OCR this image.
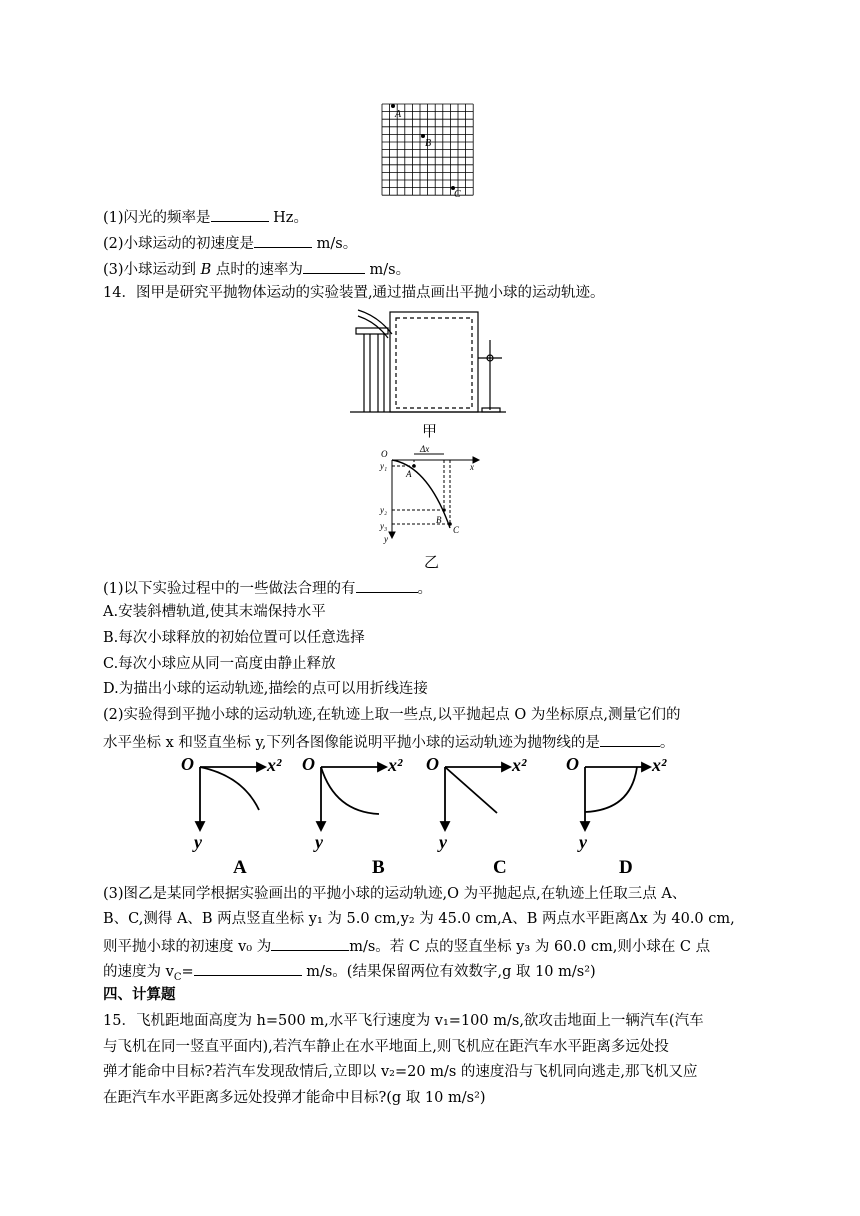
A
B
C
(1)闪光的频率是	Hz。
(2)小球运动的初速度是	m/s。
(3)小球运动到 B 点时的速率为	m/s。
14．图甲是研究平抛物体运动的实验装置,通过描点画出平抛小球的运动轨迹。
甲
O	Δx
x
y
y₁
y₂
y₃
A
B
C
乙
(1)以下实验过程中的一些做法合理的有	。
A.安装斜槽轨道,使其末端保持水平
B.每次小球释放的初始位置可以任意选择
C.每次小球应从同一高度由静止释放
D.为描出小球的运动轨迹,描绘的点可以用折线连接
(2)实验得到平抛小球的运动轨迹,在轨迹上取一些点,以平抛起点 O 为坐标原点,测量它们的
水平坐标 x 和竖直坐标 y,下列各图像能说明平抛小球的运动轨迹为抛物线的是	。
O	x²
y
O	x²
y
O	x²
y
O	x²
y
A	B	C	D
(3)图乙是某同学根据实验画出的平抛小球的运动轨迹,O 为平抛起点,在轨迹上任取三点 A、
B、C,测得 A、B 两点竖直坐标 y₁ 为 5.0 cm,y₂ 为 45.0 cm,A、B 两点水平距离Δx 为 40.0 cm,
则平抛小球的初速度 v₀ 为	m/s。若 C 点的竖直坐标 y₃ 为 60.0 cm,则小球在 C 点
的速度为 $v_C=$	m/s。(结果保留两位有效数字,g 取 10 m/s²)
四、计算题
15．飞机距地面高度为 h=500 m,水平飞行速度为 v₁=100 m/s,欲攻击地面上一辆汽车(汽车
与飞机在同一竖直平面内),若汽车静止在水平地面上,则飞机应在距汽车水平距离多远处投
弹才能命中目标?若汽车发现敌情后,立即以 v₂=20 m/s 的速度沿与飞机同向逃走,那飞机又应
在距汽车水平距离多远处投弹才能命中目标?(g 取 10 m/s²)
